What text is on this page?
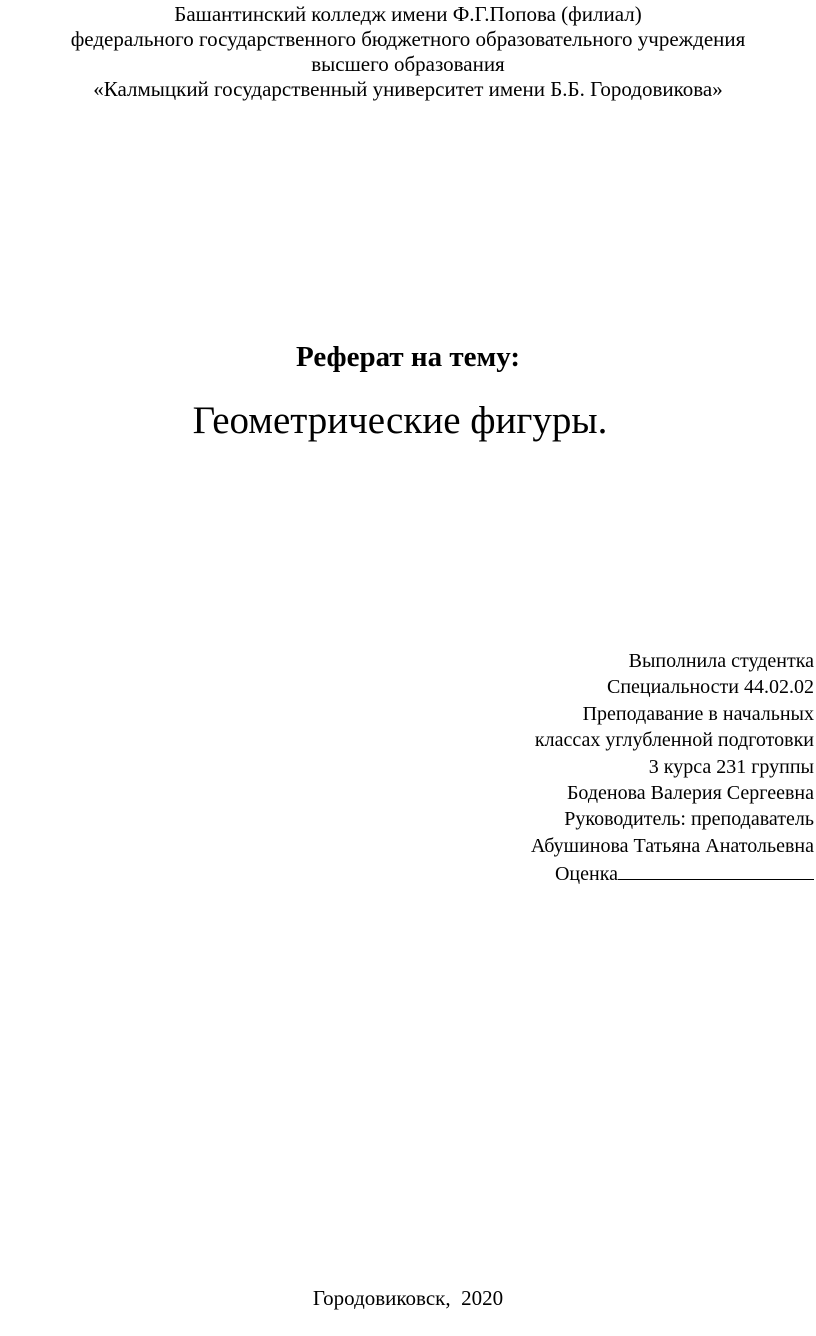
Башантинский колледж имени Ф.Г.Попова (филиал)
федерального государственного бюджетного образовательного учреждения
высшего образования
«Калмыцкий государственный университет имени Б.Б. Городовикова»
Реферат на тему:
Геометрические фигуры.
Выполнила студентка
Специальности 44.02.02
Преподавание в начальных
классах углубленной подготовки
3 курса 231 группы
Боденова Валерия Сергеевна
Руководитель: преподаватель
Абушинова Татьяна Анатольевна
Оценка
Городовиковск,  2020
